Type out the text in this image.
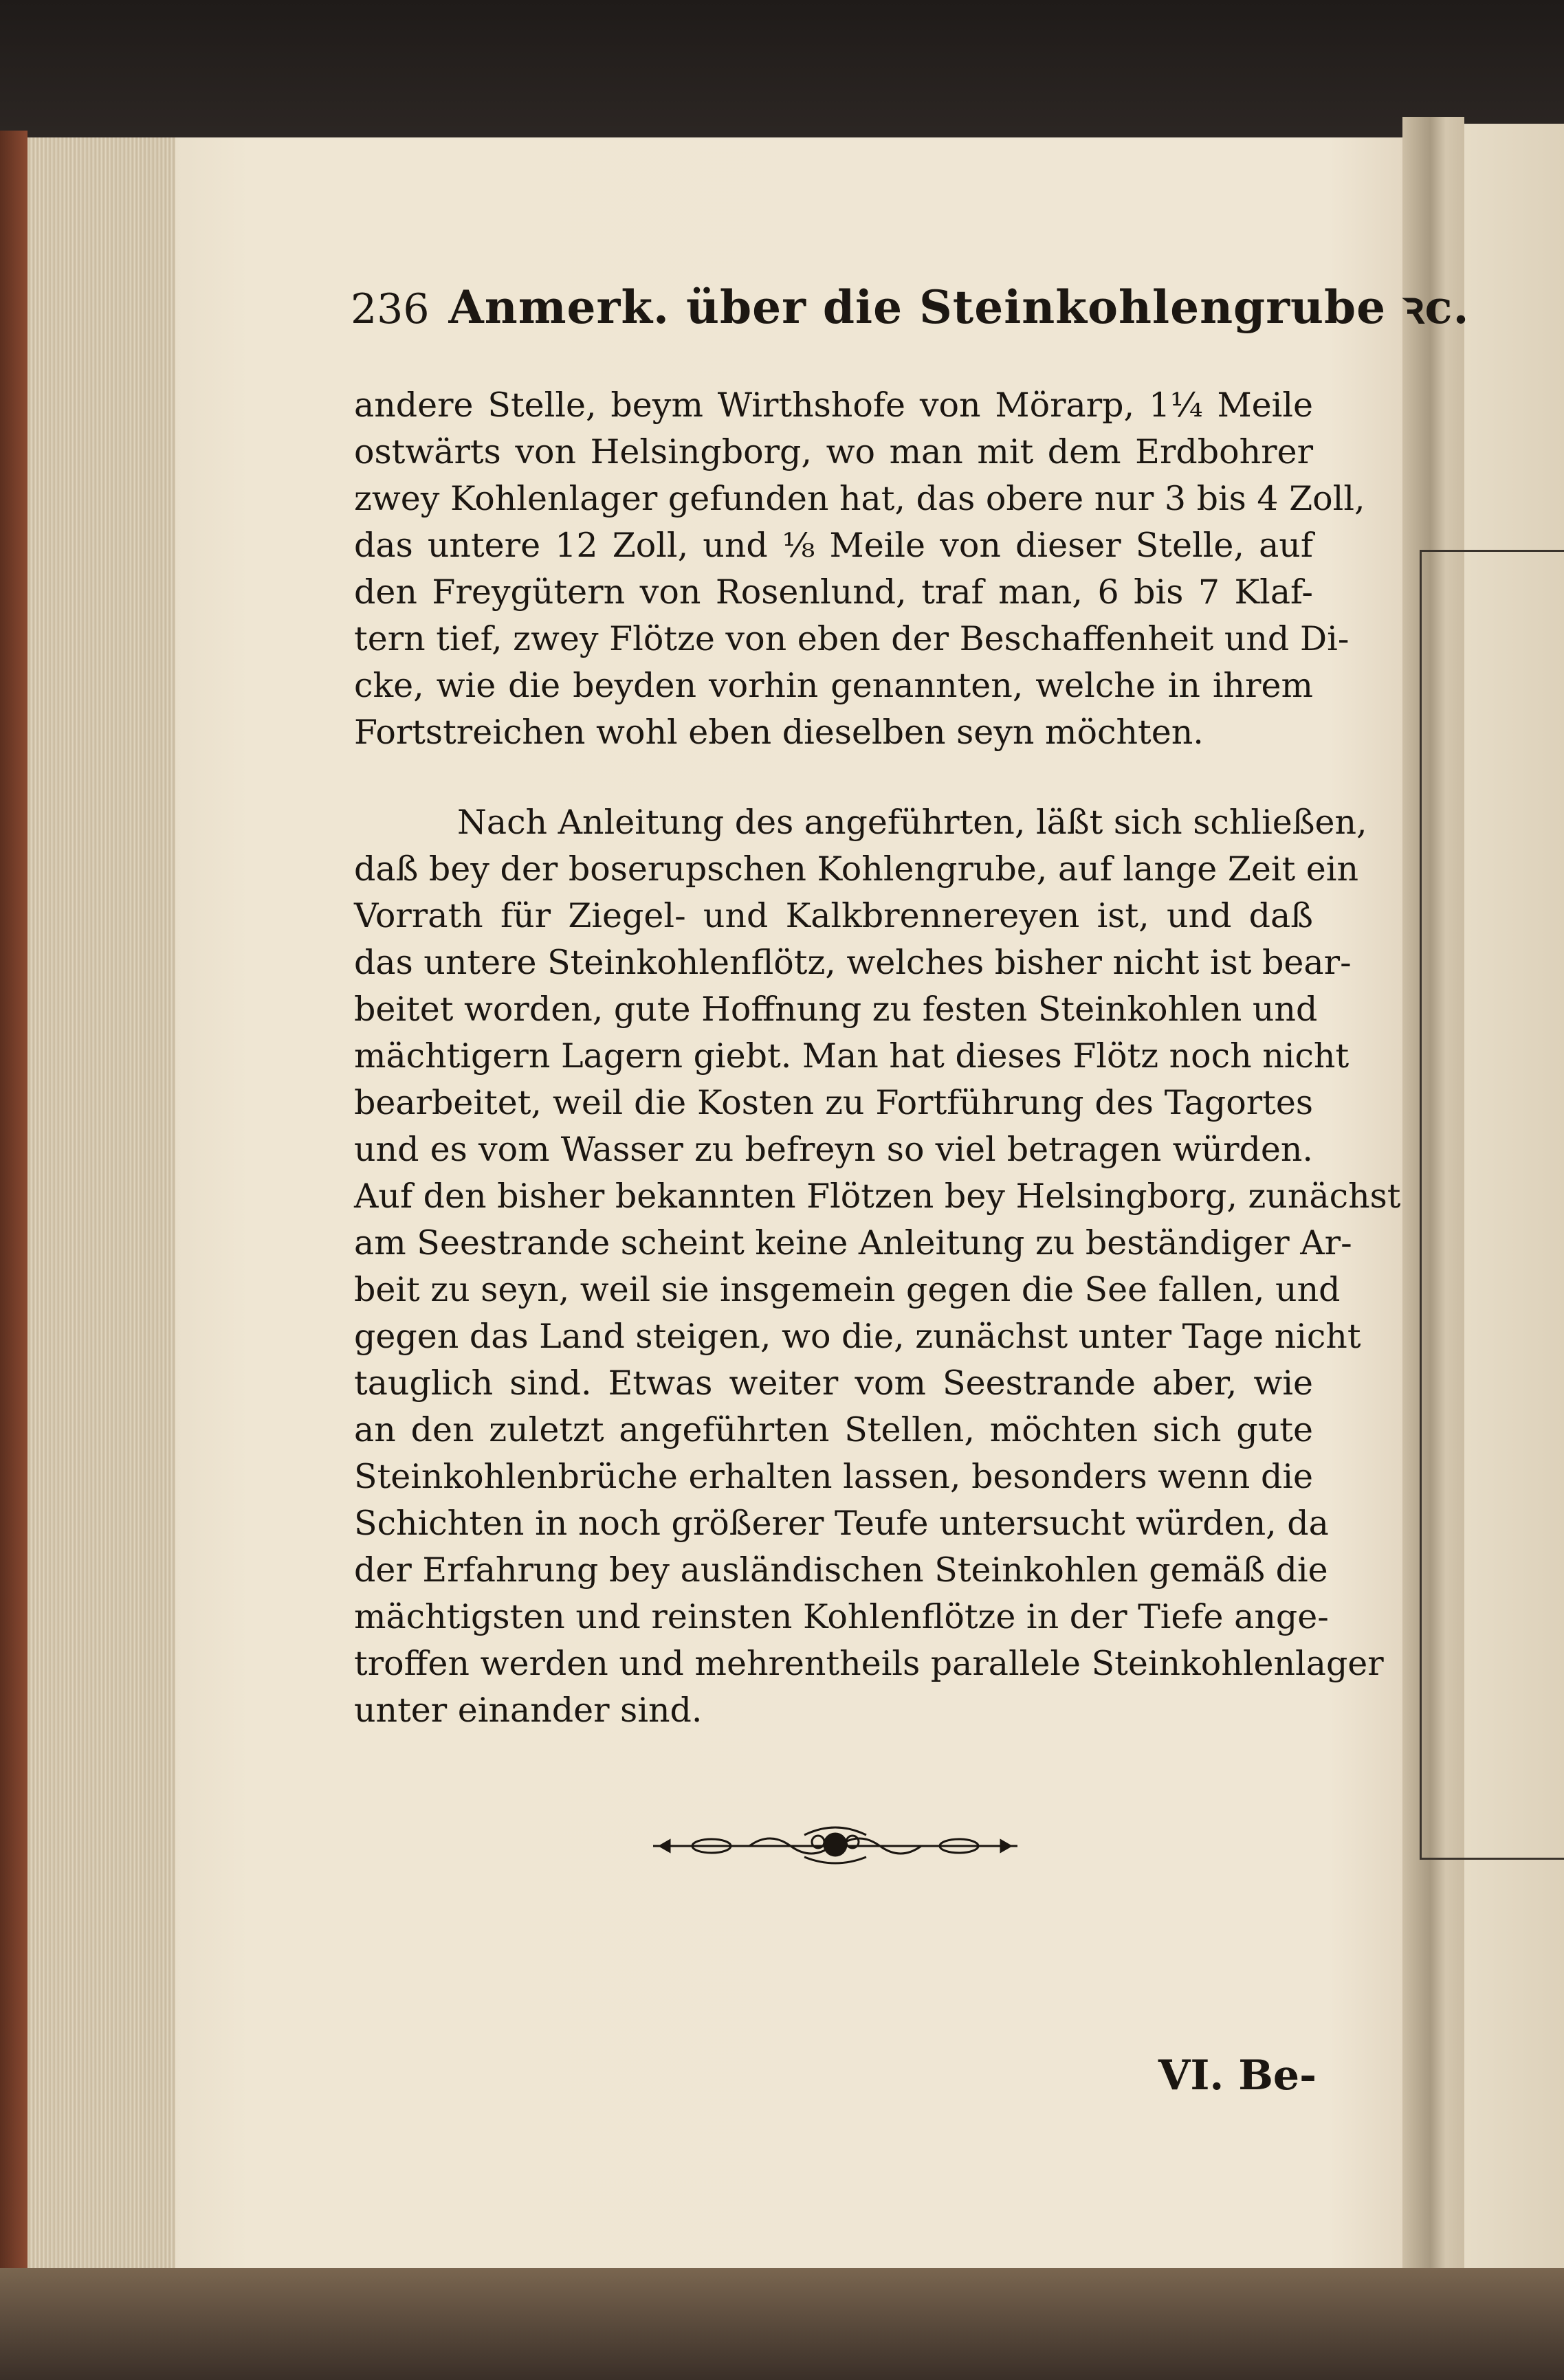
236 Anmerk. über die Steinkohlengrube ꝛc.
andere Stelle, beym Wirthshofe von Mörarp, 1¼ Meile
ostwärts von Helsingborg, wo man mit dem Erdbohrer
zwey Kohlenlager gefunden hat, das obere nur 3 bis 4 Zoll,
das untere 12 Zoll, und ⅛ Meile von dieser Stelle, auf
den Freygütern von Rosenlund, traf man, 6 bis 7 Klaf-
tern tief, zwey Flötze von eben der Beschaffenheit und Di-
cke, wie die beyden vorhin genannten, welche in ihrem
Fortstreichen wohl eben dieselben seyn möchten.
Nach Anleitung des angeführten, läßt sich schließen,
daß bey der boserupschen Kohlengrube, auf lange Zeit ein
Vorrath für Ziegel- und Kalkbrennereyen ist, und daß
das untere Steinkohlenflötz, welches bisher nicht ist bear-
beitet worden, gute Hoffnung zu festen Steinkohlen und
mächtigern Lagern giebt. Man hat dieses Flötz noch nicht
bearbeitet, weil die Kosten zu Fortführung des Tagortes
und es vom Wasser zu befreyn so viel betragen würden.
Auf den bisher bekannten Flötzen bey Helsingborg, zunächst
am Seestrande scheint keine Anleitung zu beständiger Ar-
beit zu seyn, weil sie insgemein gegen die See fallen, und
gegen das Land steigen, wo die, zunächst unter Tage nicht
tauglich sind. Etwas weiter vom Seestrande aber, wie
an den zuletzt angeführten Stellen, möchten sich gute
Steinkohlenbrüche erhalten lassen, besonders wenn die
Schichten in noch größerer Teufe untersucht würden, da
der Erfahrung bey ausländischen Steinkohlen gemäß die
mächtigsten und reinsten Kohlenflötze in der Tiefe ange-
troffen werden und mehrentheils parallele Steinkohlenlager
unter einander sind.
VI. Be-
